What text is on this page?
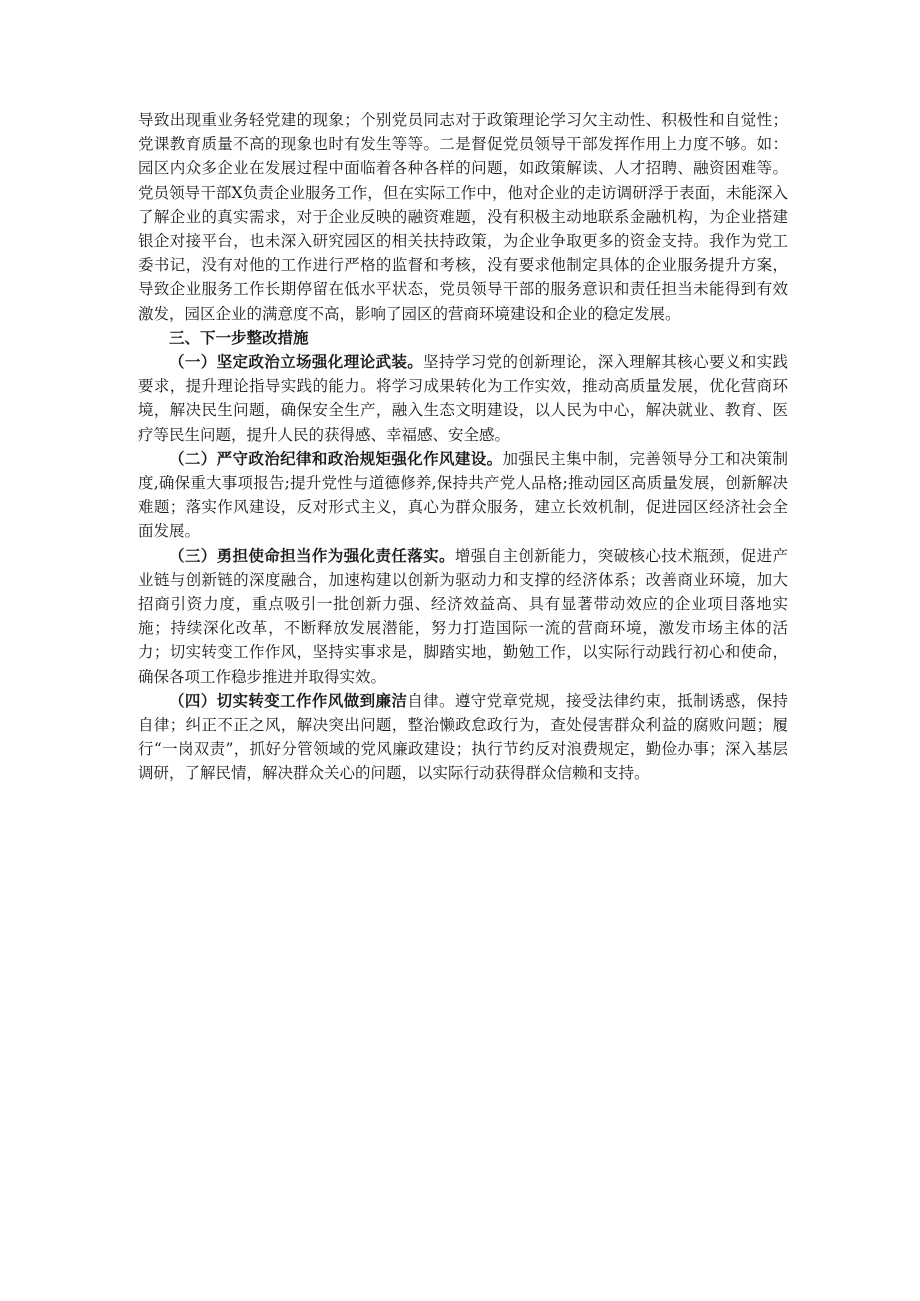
导致出现重业务轻党建的现象；个别党员同志对于政策理论学习欠主动性、积极性和自觉性；党课教育质量不高的现象也时有发生等等。二是督促党员领导干部发挥作用上力度不够。如：园区内众多企业在发展过程中面临着各种各样的问题，如政策解读、人才招聘、融资困难等。党员领导干部X负责企业服务工作，但在实际工作中，他对企业的走访调研浮于表面，未能深入了解企业的真实需求，对于企业反映的融资难题，没有积极主动地联系金融机构，为企业搭建银企对接平台，也未深入研究园区的相关扶持政策，为企业争取更多的资金支持。我作为党工委书记，没有对他的工作进行严格的监督和考核，没有要求他制定具体的企业服务提升方案，导致企业服务工作长期停留在低水平状态，党员领导干部的服务意识和责任担当未能得到有效激发，园区企业的满意度不高，影响了园区的营商环境建设和企业的稳定发展。

三、下一步整改措施

（一）坚定政治立场强化理论武装。坚持学习党的创新理论，深入理解其核心要义和实践要求，提升理论指导实践的能力。将学习成果转化为工作实效，推动高质量发展，优化营商环境，解决民生问题，确保安全生产，融入生态文明建设，以人民为中心，解决就业、教育、医疗等民生问题，提升人民的获得感、幸福感、安全感。

（二）严守政治纪律和政治规矩强化作风建设。加强民主集中制，完善领导分工和决策制度,确保重大事项报告;提升党性与道德修养,保持共产党人品格;推动园区高质量发展，创新解决难题；落实作风建设，反对形式主义，真心为群众服务，建立长效机制，促进园区经济社会全面发展。

（三）勇担使命担当作为强化责任落实。增强自主创新能力，突破核心技术瓶颈，促进产业链与创新链的深度融合，加速构建以创新为驱动力和支撑的经济体系；改善商业环境，加大招商引资力度，重点吸引一批创新力强、经济效益高、具有显著带动效应的企业项目落地实施；持续深化改革，不断释放发展潜能，努力打造国际一流的营商环境，激发市场主体的活力；切实转变工作作风，坚持实事求是，脚踏实地，勤勉工作，以实际行动践行初心和使命，确保各项工作稳步推进并取得实效。

（四）切实转变工作作风做到廉洁自律。遵守党章党规，接受法律约束，抵制诱惑，保持自律；纠正不正之风，解决突出问题，整治懒政怠政行为，查处侵害群众利益的腐败问题；履行“一岗双责”，抓好分管领域的党风廉政建设；执行节约反对浪费规定，勤俭办事；深入基层调研，了解民情，解决群众关心的问题，以实际行动获得群众信赖和支持。
